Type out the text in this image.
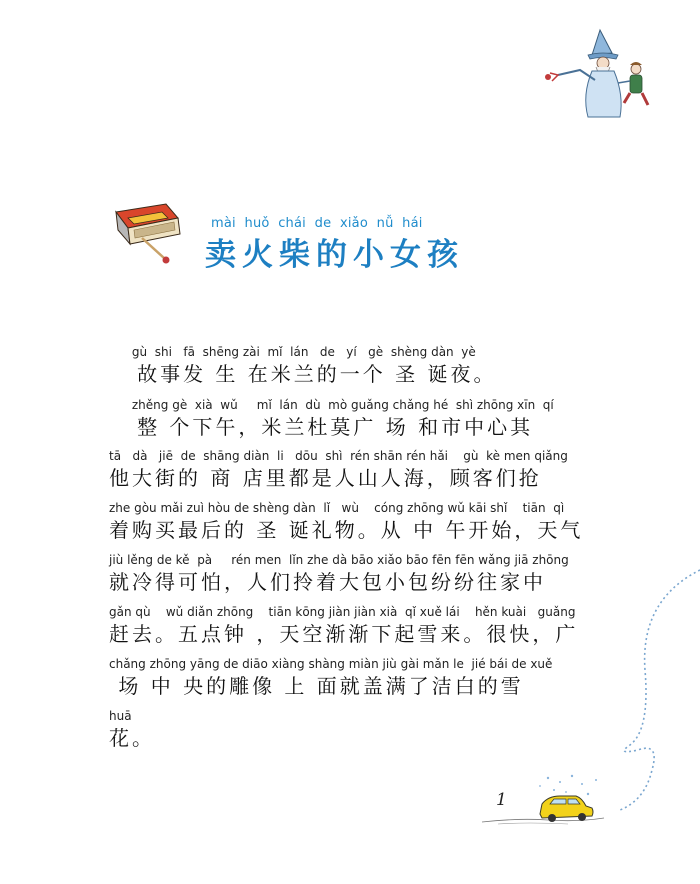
mài  huǒ  chái  de  xiǎo  nǚ  hái
卖火柴的小女孩
gù  shi   fā  shēng zài  mǐ  lán   de   yí   gè  shèng dàn  yè
故事发 生 在米兰的一个 圣 诞夜。
zhěng gè  xià  wǔ     mǐ  lán  dù  mò guǎng chǎng hé  shì zhōng xīn  qí
整 个下午，米兰杜莫广 场 和市中心其
tā   dà   jiē  de  shāng diàn  li   dōu  shì  rén shān rén hǎi    gù  kè men qiǎng
他大街的 商 店里都是人山人海，顾客们抢
zhe gòu mǎi zuì hòu de shèng dàn  lǐ   wù    cóng zhōng wǔ kāi shǐ    tiān  qì
着购买最后的 圣 诞礼物。从 中 午开始，天气
jiù lěng de kě  pà     rén men  lǐn zhe dà bāo xiǎo bāo fēn fēn wǎng jiā zhōng
就冷得可怕，人们拎着大包小包纷纷往家中
gǎn qù    wǔ diǎn zhōng    tiān kōng jiàn jiàn xià  qǐ xuě lái    hěn kuài   guǎng
赶去。五点钟 ，天空渐渐下起雪来。很快，广
chǎng zhōng yāng de diāo xiàng shàng miàn jiù gài mǎn le  jié bái de xuě
场 中 央的雕像 上 面就盖满了洁白的雪
huā
花。
1
